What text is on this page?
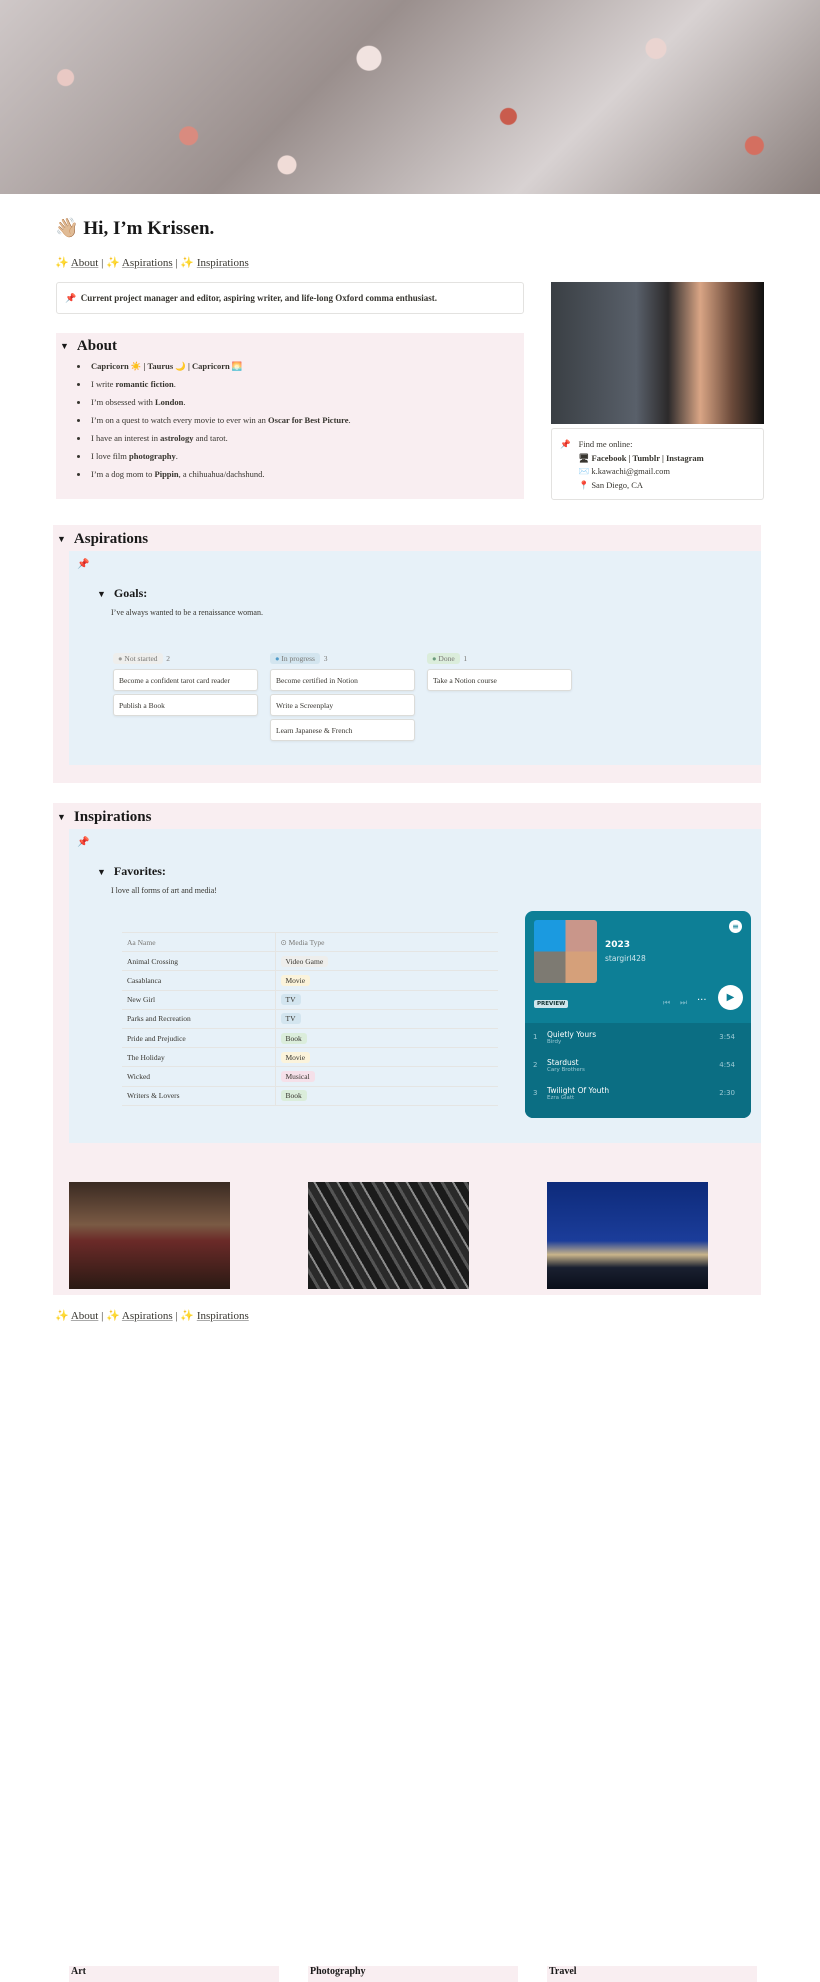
👋🏼 Hi, I’m Krissen.
✨ About | ✨ Aspirations | ✨ Inspirations
📌 Current project manager and editor, aspiring writer, and life-long Oxford comma enthusiast.
▼ About
• Capricorn ☀️ | Taurus 🌙 | Capricorn 🌅
• I write romantic fiction.
• I’m obsessed with London.
• I’m on a quest to watch every movie to ever win an Oscar for Best Picture.
• I have an interest in astrology and tarot.
• I love film photography.
• I’m a dog mom to Pippin, a chihuahua/dachshund.
📌 Find me online:
🖥 Facebook | Tumblr | Instagram
✉️ k.kawachi@gmail.com
📍 San Diego, CA
▼ Aspirations
📌
▼ Goals:
I’ve always wanted to be a renaissance woman.
● Not started 2
Become a confident tarot card reader
Publish a Book
● In progress 3
Become certified in Notion
Write a Screenplay
Learn Japanese & French
● Done 1
Take a Notion course
▼ Inspirations
📌
▼ Favorites:
I love all forms of art and media!
Aa Name	⊙ Media Type
Animal Crossing	Video Game
Casablanca	Movie
New Girl	TV
Parks and Recreation	TV
Pride and Prejudice	Book
The Holiday	Movie
Wicked	Musical
Writers & Lovers	Book
Art	Photography	Travel
2023
stargirl428
≡
PREVIEW	⏮ ⏭ ···	▶
1	Quietly Yours
Birdy
3:54
2	Stardust
Cary Brothers
4:54
3	Twilight Of Youth
Ezra Glatt
2:30
✨ About | ✨ Aspirations | ✨ Inspirations
